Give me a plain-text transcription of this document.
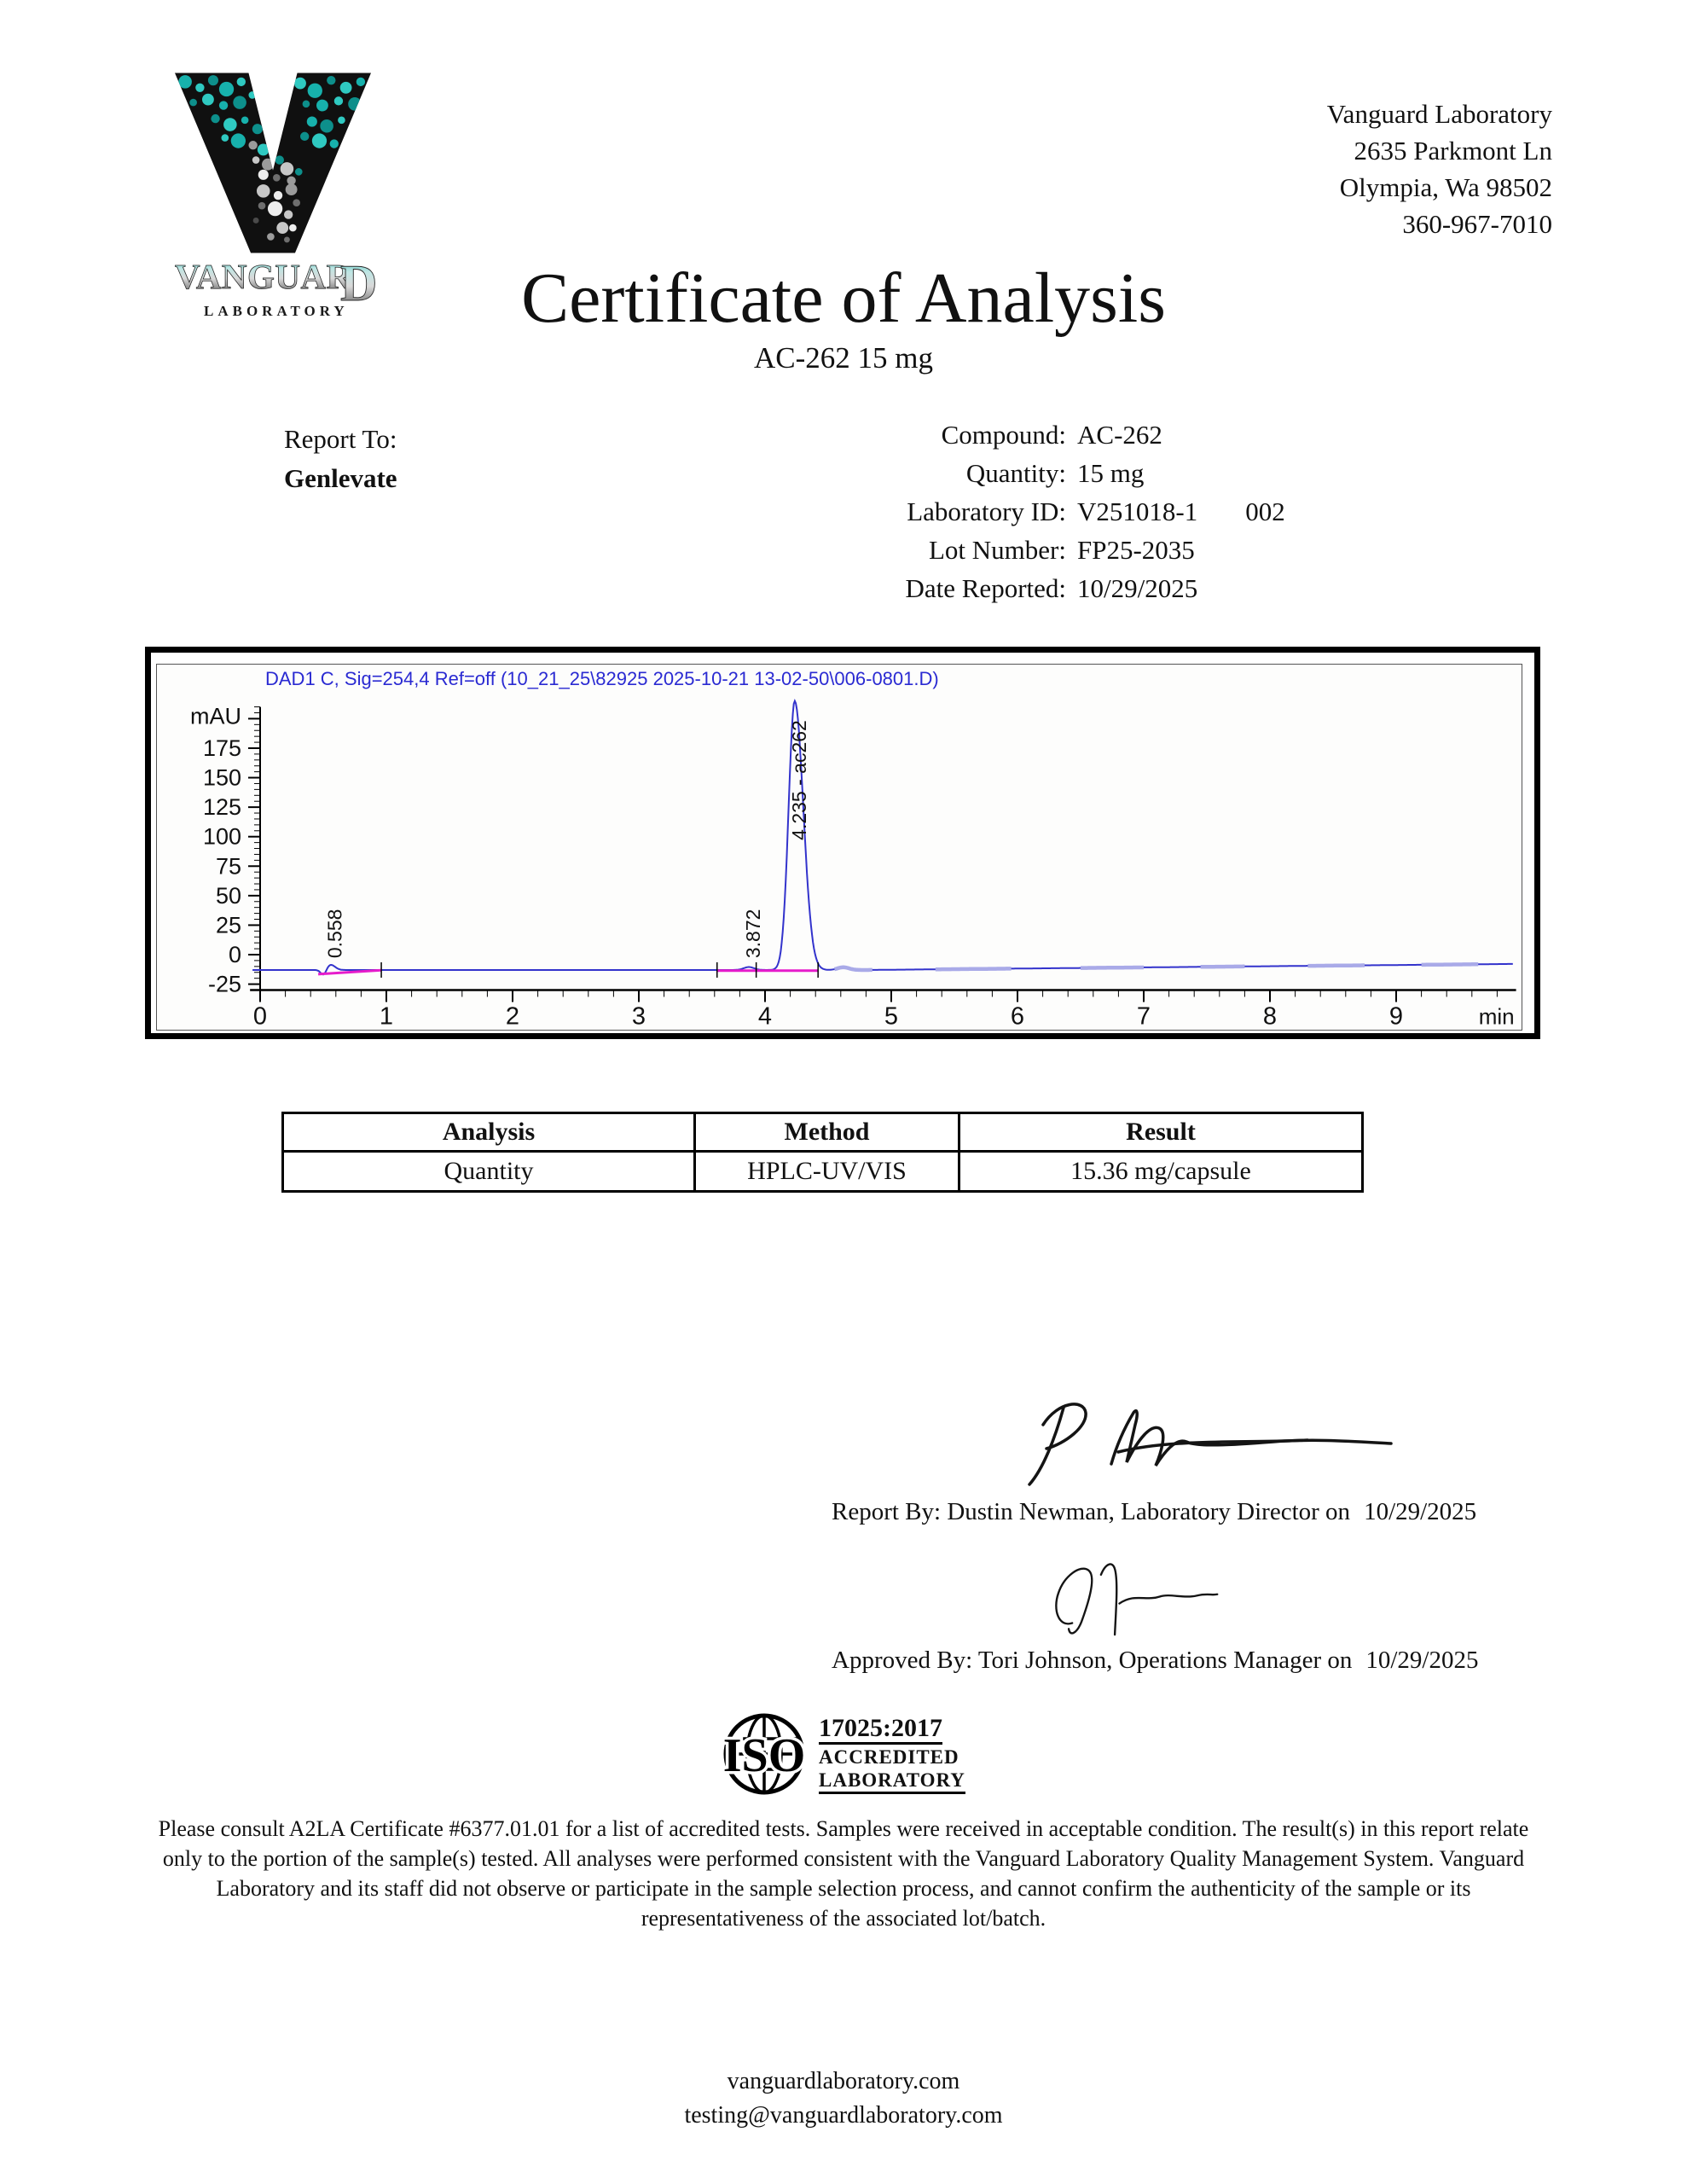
VANGUAR
D
LABORATORY
Vanguard Laboratory
2635 Parkmont Ln
Olympia, Wa 98502
360-967-7010
Certificate of Analysis
AC-262 15 mg
Report To:
Genlevate
Compound: AC-262
Quantity: 15 mg
Laboratory ID: V251018-1 002
Lot Number: FP25-2035
Date Reported: 10/29/2025
DAD1 C, Sig=254,4 Ref=off (10_21_25\82925 2025-10-21 13-02-50\006-0801.D)
175
150
125
100
75
50
25
0
-25
mAU
0	1	2	3	4	5	6	7	8	9	min
0.558	3.872
4.235 - ac262
Analysis	Method	Result
Quantity	HPLC-UV/VIS	15.36 mg/capsule
Report By: Dustin Newman, Laboratory Director on 10/29/2025
Approved By: Tori Johnson, Operations Manager on 10/29/2025
ISO
17025:2017
ACCREDITED
LABORATORY
Please consult A2LA Certificate #6377.01.01 for a list of accredited tests. Samples were received in acceptable condition. The result(s) in this report relate only to the portion of the sample(s) tested. All analyses were performed consistent with the Vanguard Laboratory Quality Management System. Vanguard Laboratory and its staff did not observe or participate in the sample selection process, and cannot confirm the authenticity of the sample or its representativeness of the associated lot/batch.
vanguardlaboratory.com
testing@vanguardlaboratory.com
